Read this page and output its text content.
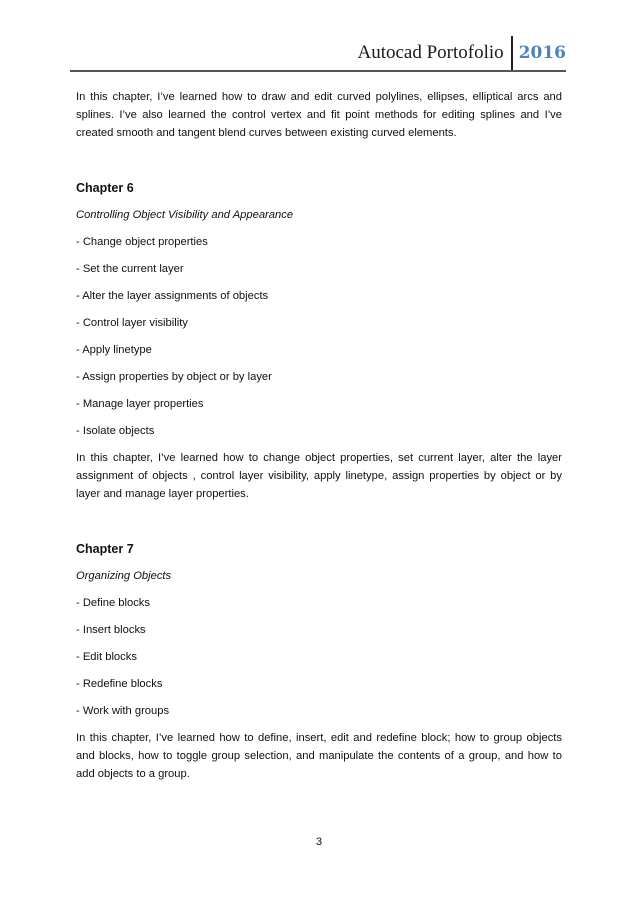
Autocad Portofolio 2016

In this chapter, I’ve learned how to draw and edit curved polylines, ellipses, elliptical arcs and splines. I’ve also learned the control vertex and fit point methods for editing splines and I’ve created smooth and tangent blend curves between existing curved elements.

Chapter 6

Controlling Object Visibility and Appearance

- Change object properties

- Set the current layer

- Alter the layer assignments of objects

- Control layer visibility

- Apply linetype

- Assign properties by object or by layer

- Manage layer properties

- Isolate objects

In this chapter, I’ve learned how to change object properties, set current layer, alter the layer assignment of objects , control layer visibility, apply linetype, assign properties by object or by layer and manage layer properties.

Chapter 7

Organizing Objects

- Define blocks

- Insert blocks

- Edit blocks

- Redefine blocks

- Work with groups

In this chapter, I’ve learned how to define, insert, edit and redefine block; how to group objects and blocks, how to toggle group selection, and manipulate the contents of a group, and how to add objects to a group.

3
